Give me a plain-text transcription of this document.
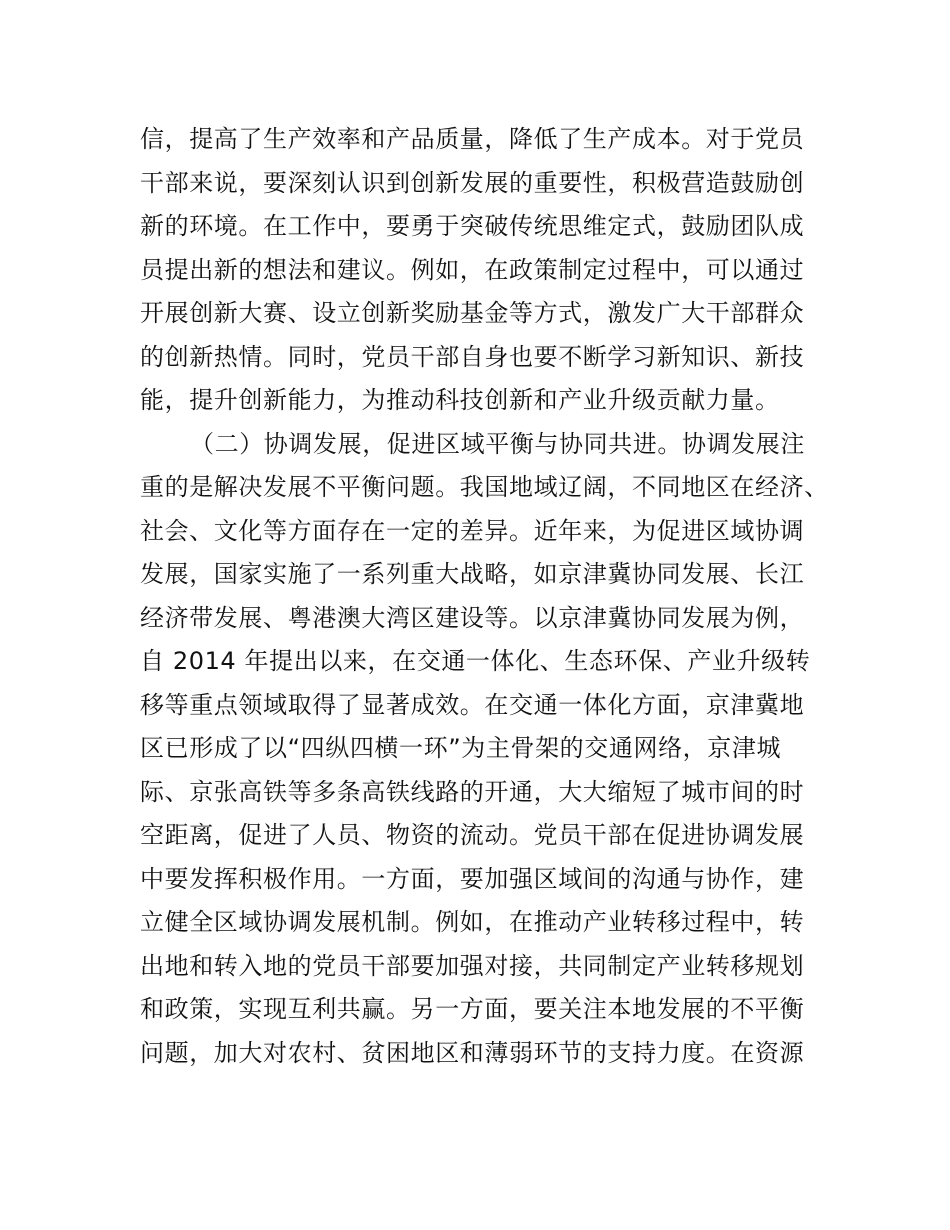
信，提高了生产效率和产品质量，降低了生产成本。对于党员
干部来说，要深刻认识到创新发展的重要性，积极营造鼓励创
新的环境。在工作中，要勇于突破传统思维定式，鼓励团队成
员提出新的想法和建议。例如，在政策制定过程中，可以通过
开展创新大赛、设立创新奖励基金等方式，激发广大干部群众
的创新热情。同时，党员干部自身也要不断学习新知识、新技
能，提升创新能力，为推动科技创新和产业升级贡献力量。
（二）协调发展，促进区域平衡与协同共进。协调发展注
重的是解决发展不平衡问题。我国地域辽阔，不同地区在经济、
社会、文化等方面存在一定的差异。近年来，为促进区域协调
发展，国家实施了一系列重大战略，如京津冀协同发展、长江
经济带发展、粤港澳大湾区建设等。以京津冀协同发展为例，
自 2014 年提出以来，在交通一体化、生态环保、产业升级转
移等重点领域取得了显著成效。在交通一体化方面，京津冀地
区已形成了以“四纵四横一环”为主骨架的交通网络，京津城
际、京张高铁等多条高铁线路的开通，大大缩短了城市间的时
空距离，促进了人员、物资的流动。党员干部在促进协调发展
中要发挥积极作用。一方面，要加强区域间的沟通与协作，建
立健全区域协调发展机制。例如，在推动产业转移过程中，转
出地和转入地的党员干部要加强对接，共同制定产业转移规划
和政策，实现互利共赢。另一方面，要关注本地发展的不平衡
问题，加大对农村、贫困地区和薄弱环节的支持力度。在资源
